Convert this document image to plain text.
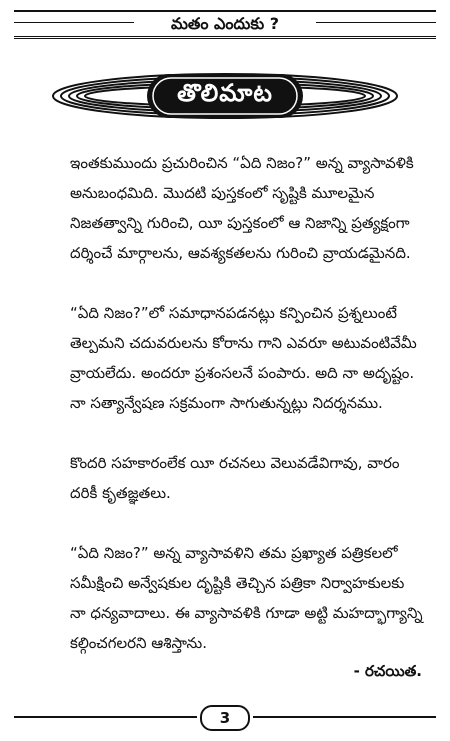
మతం ఎందుకు ?
తొలిమాట

ఇంతకుముందు ప్రచురించిన “ఏది నిజం?” అన్న వ్యాసావళికి అనుబంధమిది. మొదటి పుస్తకంలో సృష్టికి మూలమైన నిజతత్వాన్ని గురించి, యీ పుస్తకంలో ఆ నిజాన్ని ప్రత్యక్షంగా దర్శించే మార్గాలను, ఆవశ్యకతలను గురించి వ్రాయడమైనది.

“ఏది నిజం?”లో సమాధానపడనట్లు కన్పించిన ప్రశ్నలుంటే తెల్పమని చదువరులను కోరాను గాని ఎవరూ అటువంటివేమీ వ్రాయలేదు. అందరూ ప్రశంసలనే పంపారు. అది నా అదృష్టం. నా సత్యాన్వేషణ సక్రమంగా సాగుతున్నట్లు నిదర్శనము.

కొందరి సహకారంలేక యీ రచనలు వెలువడేవిగావు, వారం దరికీ కృతజ్ఞతలు.

“ఏది నిజం?” అన్న వ్యాసావళిని తమ ప్రఖ్యాత పత్రికలలో సమీక్షించి అన్వేషకుల దృష్టికి తెచ్చిన పత్రికా నిర్వాహకులకు నా ధన్యవాదాలు. ఈ వ్యాసావళికి గూడా అట్టి మహద్భాగ్యాన్ని కల్గించగలరని ఆశిస్తాను.

- రచయిత.
3
